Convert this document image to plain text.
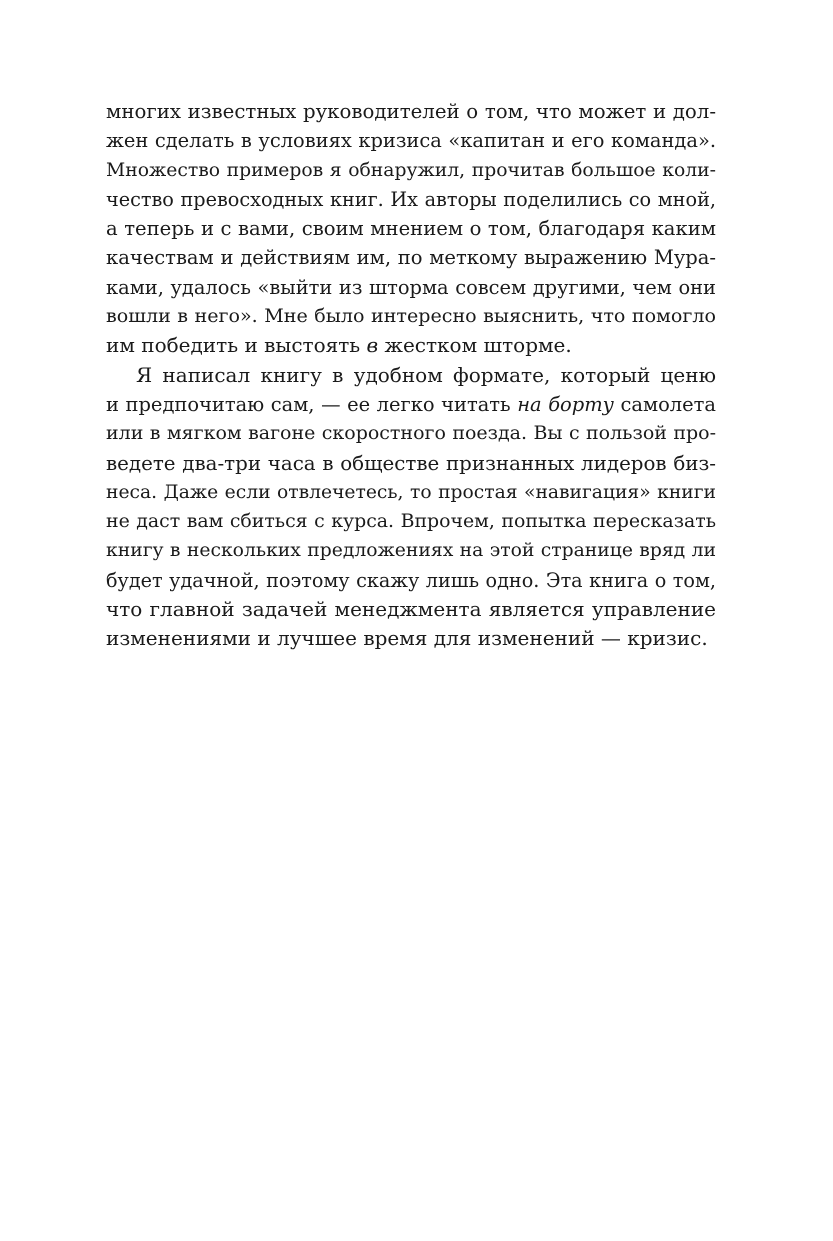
многих известных руководителей о том, что может и дол-
жен сделать в условиях кризиса «капитан и его команда».
Множество примеров я обнаружил, прочитав большое коли-
чество превосходных книг. Их авторы поделились со мной,
а теперь и с вами, своим мнением о том, благодаря каким
качествам и действиям им, по меткому выражению Мура-
ками, удалось «выйти из шторма совсем другими, чем они
вошли в него». Мне было интересно выяснить, что помогло
им победить и выстоять в жестком шторме.
Я написал книгу в удобном формате, который ценю
и предпочитаю сам, — ее легко читать на борту самолета
или в мягком вагоне скоростного поезда. Вы с пользой про-
ведете два-три часа в обществе признанных лидеров биз-
неса. Даже если отвлечетесь, то простая «навигация» книги
не даст вам сбиться с курса. Впрочем, попытка пересказать
книгу в нескольких предложениях на этой странице вряд ли
будет удачной, поэтому скажу лишь одно. Эта книга о том,
что главной задачей менеджмента является управление
изменениями и лучшее время для изменений — кризис.
